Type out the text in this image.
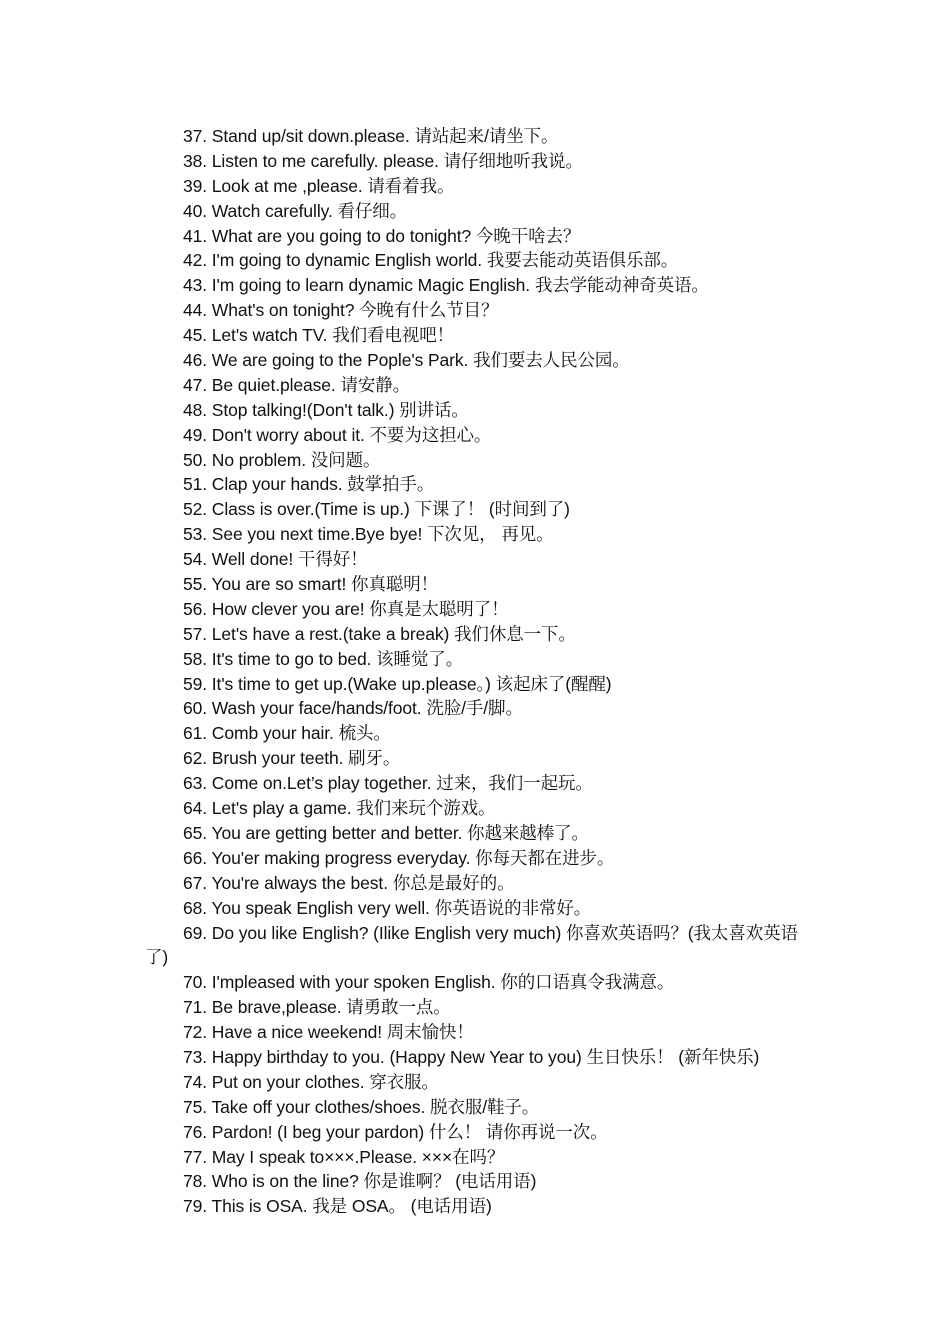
37. Stand up/sit down.please. 请站起来/请坐下。
38. Listen to me carefully. please. 请仔细地听我说。
39. Look at me ,please. 请看着我。
40. Watch carefully. 看仔细。
41. What are you going to do tonight? 今晚干啥去？
42. I'm going to dynamic English world. 我要去能动英语俱乐部。
43. I'm going to learn dynamic Magic English. 我去学能动神奇英语。
44. What's on tonight? 今晚有什么节目？
45. Let's watch TV. 我们看电视吧！
46. We are going to the Pople's Park. 我们要去人民公园。
47. Be quiet.please. 请安静。
48. Stop talking!(Don't talk.) 别讲话。
49. Don't worry about it. 不要为这担心。
50. No problem. 没问题。
51. Clap your hands. 鼓掌拍手。
52. Class is over.(Time is up.) 下课了！ (时间到了)
53. See you next time.Bye bye! 下次见， 再见。
54. Well done! 干得好！
55. You are so smart! 你真聪明！
56. How clever you are! 你真是太聪明了！
57. Let's have a rest.(take a break) 我们休息一下。
58. It's time to go to bed. 该睡觉了。
59. It's time to get up.(Wake up.please。) 该起床了(醒醒)
60. Wash your face/hands/foot. 洗脸/手/脚。
61. Comb your hair. 梳头。
62. Brush your teeth. 刷牙。
63. Come on.Let’s play together. 过来，我们一起玩。
64. Let's play a game. 我们来玩个游戏。
65. You are getting better and better. 你越来越棒了。
66. You'er making progress everyday. 你每天都在进步。
67. You're always the best. 你总是最好的。
68. You speak English very well. 你英语说的非常好。
69. Do you like English? (Ilike English very much) 你喜欢英语吗？(我太喜欢英语了)
70. I'mpleased with your spoken English. 你的口语真令我满意。
71. Be brave,please. 请勇敢一点。
72. Have a nice weekend! 周末愉快！
73. Happy birthday to you. (Happy New Year to you) 生日快乐！ (新年快乐)
74. Put on your clothes. 穿衣服。
75. Take off your clothes/shoes. 脱衣服/鞋子。
76. Pardon! (I beg your pardon) 什么！ 请你再说一次。
77. May I speak to×××.Please. ×××在吗？
78. Who is on the line? 你是谁啊？ (电话用语)
79. This is OSA. 我是 OSA。 (电话用语)
